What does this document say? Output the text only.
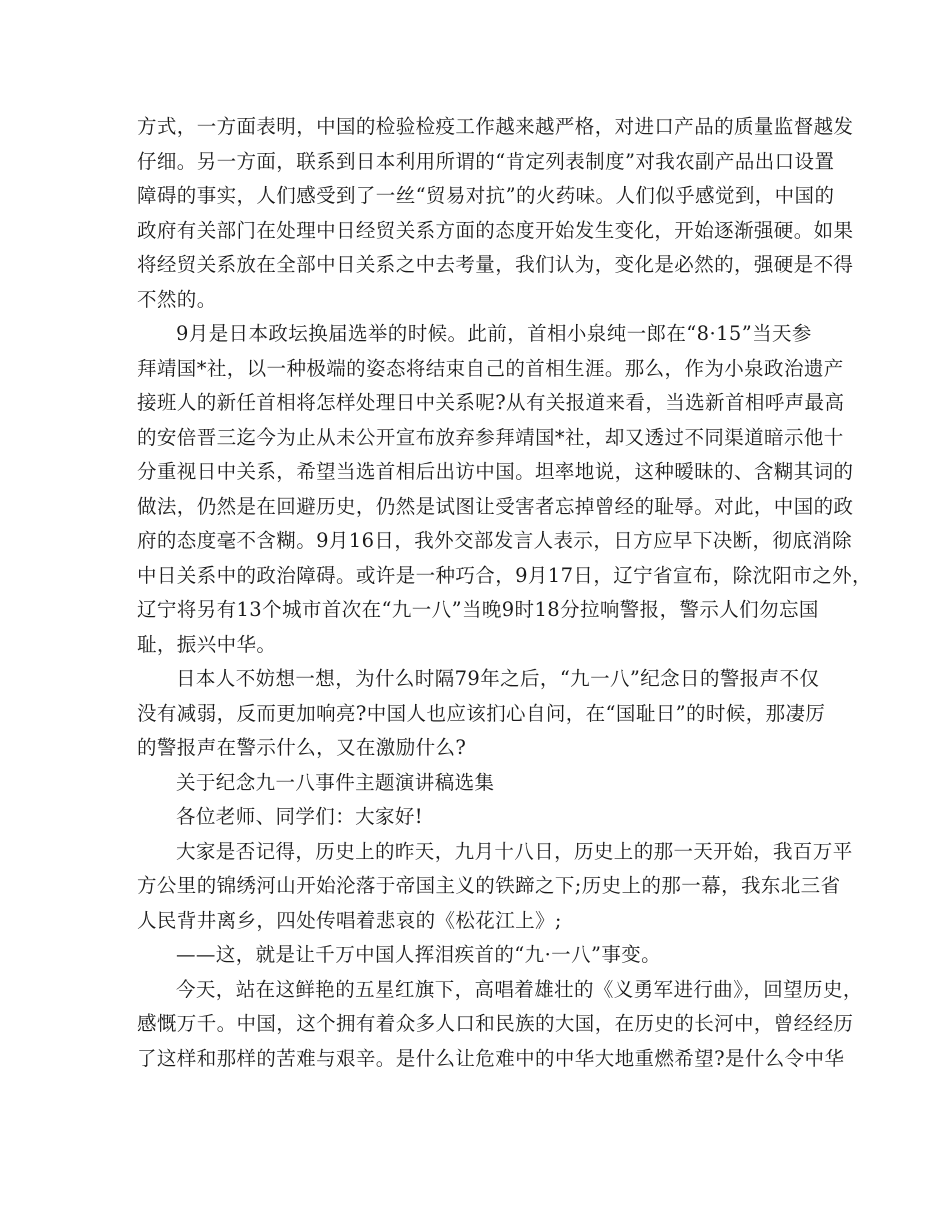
方式，一方面表明，中国的检验检疫工作越来越严格，对进口产品的质量监督越发
仔细。另一方面，联系到日本利用所谓的“肯定列表制度”对我农副产品出口设置
障碍的事实，人们感受到了一丝“贸易对抗”的火药味。人们似乎感觉到，中国的
政府有关部门在处理中日经贸关系方面的态度开始发生变化，开始逐渐强硬。如果
将经贸关系放在全部中日关系之中去考量，我们认为，变化是必然的，强硬是不得
不然的。

9月是日本政坛换届选举的时候。此前，首相小泉纯一郎在“8·15”当天参
拜靖国*社，以一种极端的姿态将结束自己的首相生涯。那么，作为小泉政治遗产
接班人的新任首相将怎样处理日中关系呢?从有关报道来看，当选新首相呼声最高
的安倍晋三迄今为止从未公开宣布放弃参拜靖国*社，却又透过不同渠道暗示他十
分重视日中关系，希望当选首相后出访中国。坦率地说，这种暧昧的、含糊其词的
做法，仍然是在回避历史，仍然是试图让受害者忘掉曾经的耻辱。对此，中国的政
府的态度毫不含糊。9月16日，我外交部发言人表示，日方应早下决断，彻底消除
中日关系中的政治障碍。或许是一种巧合，9月17日，辽宁省宣布，除沈阳市之外，
辽宁将另有13个城市首次在“九一八”当晚9时18分拉响警报，警示人们勿忘国
耻，振兴中华。

日本人不妨想一想，为什么时隔79年之后，“九一八”纪念日的警报声不仅
没有减弱，反而更加响亮?中国人也应该扪心自问，在“国耻日”的时候，那凄厉
的警报声在警示什么，又在激励什么?

关于纪念九一八事件主题演讲稿选集

各位老师、同学们：大家好!

大家是否记得，历史上的昨天，九月十八日，历史上的那一天开始，我百万平
方公里的锦绣河山开始沦落于帝国主义的铁蹄之下;历史上的那一幕，我东北三省
人民背井离乡，四处传唱着悲哀的《松花江上》;

——这，就是让千万中国人挥泪疾首的“九·一八”事变。

今天，站在这鲜艳的五星红旗下，高唱着雄壮的《义勇军进行曲》，回望历史，
感慨万千。中国，这个拥有着众多人口和民族的大国，在历史的长河中，曾经经历
了这样和那样的苦难与艰辛。是什么让危难中的中华大地重燃希望?是什么令中华
